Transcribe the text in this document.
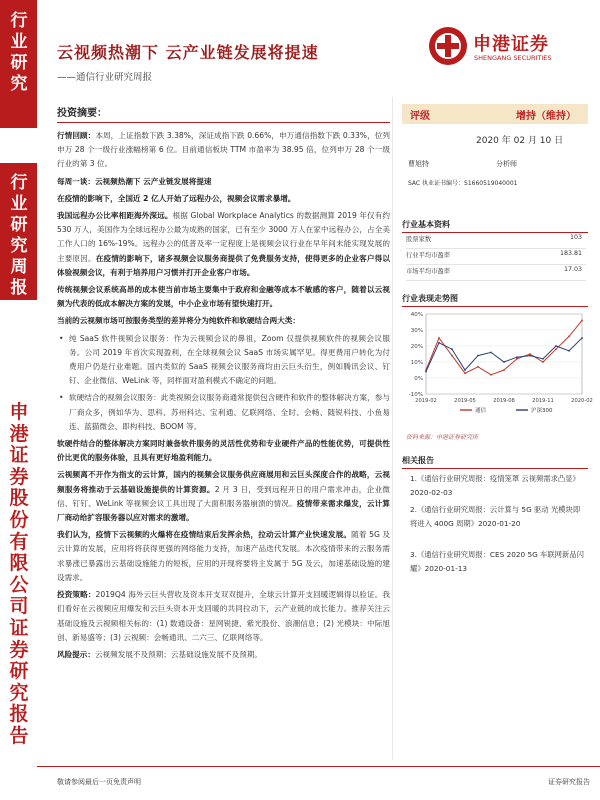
行业研究
行业研究周报
申港证券股份有限公司证券研究报告
云视频热潮下 云产业链发展将提速
——通信行业研究周报
申港证券
SHENGANG SECURITIES
投资摘要：
行情回顾：本周，上证指数下跌 3.38%，深证成指下跌 0.66%，申万通信指数下跌 0.33%，位列申万 28 个一级行业涨幅榜第 6 位。目前通信板块 TTM 市盈率为 38.95 倍，位列申万 28 个一级行业的第 3 位。
每周一谈：云视频热潮下 云产业链发展将提速
在疫情的影响下，全国近 2 亿人开始了远程办公，视频会议需求暴增。
我国远程办公比率相距海外深远。根据 Global Workplace Analytics 的数据测算 2019 年仅有约 530 万人，美国作为全球远程办公最为成熟的国家，已有至少 3000 万人在家中远程办公，占全美工作人口的 16%-19%。远程办公的低普及率一定程度上是视频会议行业在早年间未能实现发展的主要原因。在疫情的影响下，诸多视频会议服务商提供了免费服务支持，使得更多的企业客户得以体验视频会议，有利于培养用户习惯并打开企业客户市场。
传统视频会议系统高昂的成本使当前市场主要集中于政府和金融等成本不敏感的客户，随着以云视频为代表的低成本解决方案的发展，中小企业市场有望快速打开。
当前的云视频市场可按服务类型的差异将分为纯软件和软硬结合两大类：
• 纯 SaaS 软件视频会议服务：作为云视频会议的鼻祖，Zoom 仅提供视频软件的视频会议服务。公司 2019 年首次实现盈利，在全球视频会议 SaaS 市场实属罕见。得更费用户转化为付费用户仍是行业难题。国内类似的 SaaS 视频会议服务商均由云巨头衍生，例如腾讯会议、钉钉、企业微信、WeLink 等，同样面对盈利模式不确定的问题。
• 软硬结合的视频会议服务：此类视频会议服务商通常提供包含硬件和软件的整体解决方案，参与厂商众多，例如华为、思科、苏州科达、宝利通、亿联网络、全时、会畅、随锐科技、小鱼易连、蓝猫微会、即构科技、BOOM 等。
软硬件结合的整体解决方案同时兼备软件服务的灵活性优势和专业硬件产品的性能优势，可提供性价比更优的服务体验，且具有更好地盈利能力。
云视频离不开作为指支的云计算，国内的视频会议服务供应商展用和云巨头深度合作的战略，云视频服务将推动于云基础设施提供的计算资源。2 月 3 日，受到远程开日的用户需求冲击，企业微信、钉钉、WeLink 等视频会议工具出现了大面积服务器崩溃的情况。疫情带来需求爆发，云计算厂商动给扩容服务器以应对需求的激增。
我们认为，疫情下云视频的火爆将在疫情结束后发挥余热，拉动云计算产业快速发展。随着 5G 及云计算的发展，应用将将获得更强的网络能力支持，加速产品迭代发展。本次疫情带来的云服务需求暴涨已暴露出云基础设施能力的短板，应用的开现将要将主发属于 5G 及云，加速基础设施的建设需求。
投资策略：2019Q4 海外云巨头营收及资本开支双双提升，全球云计算开支回暖逻辑得以验证。我们看好在云视频应用爆发和云巨头资本开支回暖的共同拉动下，云产业链的成长能力。推荐关注云基础设施及云视频相关标的：(1) 数通设备：星网锐捷、紫光股份、浪潮信息；(2) 光模块：中际旭创、新易盛等；(3) 云视频：会畅通讯、二六三、亿联网络等。
风险提示：云视频发展不及预期；云基础设施发展不及预期。
评级	增持（维持）
2020 年 02 月 10 日
曹旭特	分析师
SAC 执业证书编号：S1660519040001
行业基本资料
股票家数	103
行业平均市盈率	183.81
市场平均市盈率	17.03
行业表现走势图
40%
30%
20%
10%
0%
-10%
2019-02	2019-05	2019-08	2019-11	2020-02
通信	沪深300
资料来源：申港证券研究所
相关报告
1.《通信行业研究周报：疫情笼罩 云视频需求凸显》2020-02-03
2.《通信行业研究周报：云计算与 5G 驱动 光模块即将进入 400G 周期》2020-01-20
3.《通信行业研究周报：CES 2020 5G 车联网新品闪耀》2020-01-13
敬请参阅最后一页免责声明	证券研究报告
